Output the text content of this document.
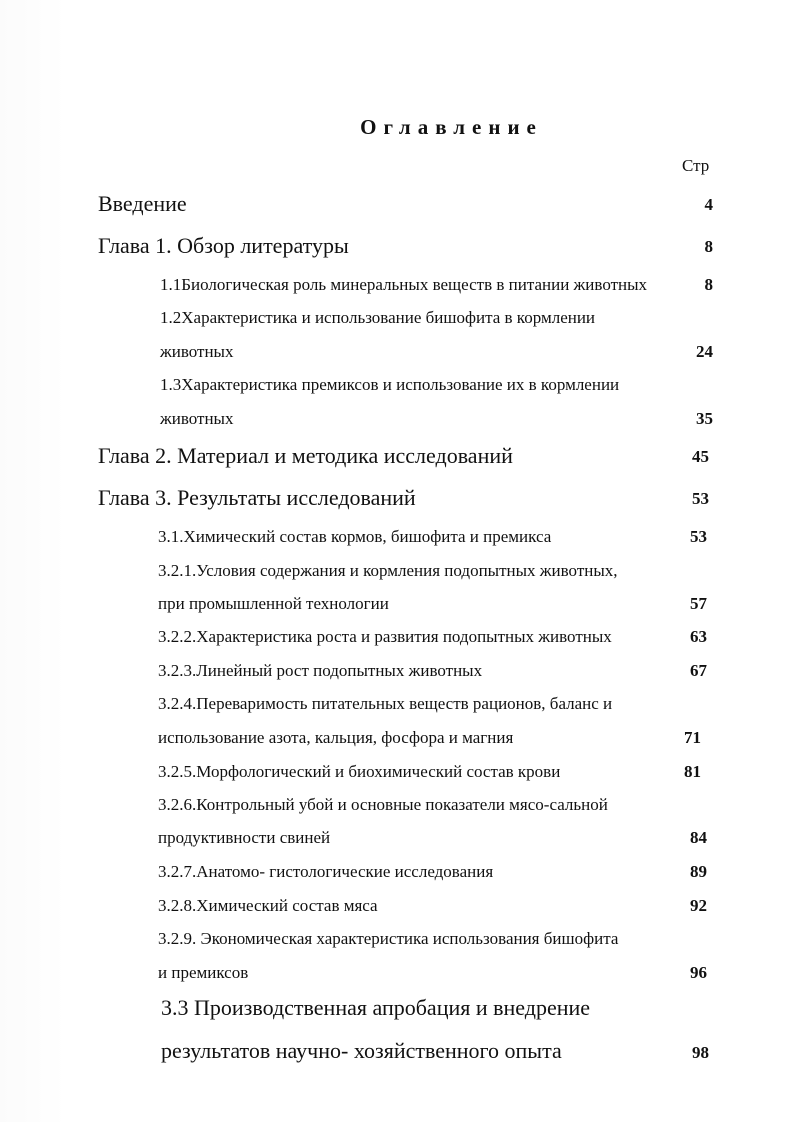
Оглавление
Стр
Введение	4
Глава 1. Обзор литературы	8
1.1Биологическая роль минеральных веществ в питании животных	8
1.2Характеристика и использование бишофита в кормлении
животных	24
1.3Характеристика премиксов и использование их в кормлении
животных	35
Глава 2. Материал и методика исследований	45
Глава 3. Результаты исследований	53
3.1.Химический состав кормов, бишофита и премикса	53
3.2.1.Условия содержания и кормления подопытных животных,
при промышленной технологии	57
3.2.2.Характеристика роста и развития подопытных животных	63
3.2.3.Линейный рост подопытных животных	67
3.2.4.Переваримость питательных веществ рационов, баланс и
использование азота, кальция, фосфора и магния	71
3.2.5.Морфологический и биохимический состав крови	81
3.2.6.Контрольный убой и основные показатели мясо-сальной
продуктивности свиней	84
3.2.7.Анатомо- гистологические исследования	89
3.2.8.Химический состав мяса	92
3.2.9. Экономическая характеристика использования бишофита
и премиксов	96
3.3 Производственная апробация и внедрение
результатов научно- хозяйственного опыта	98
